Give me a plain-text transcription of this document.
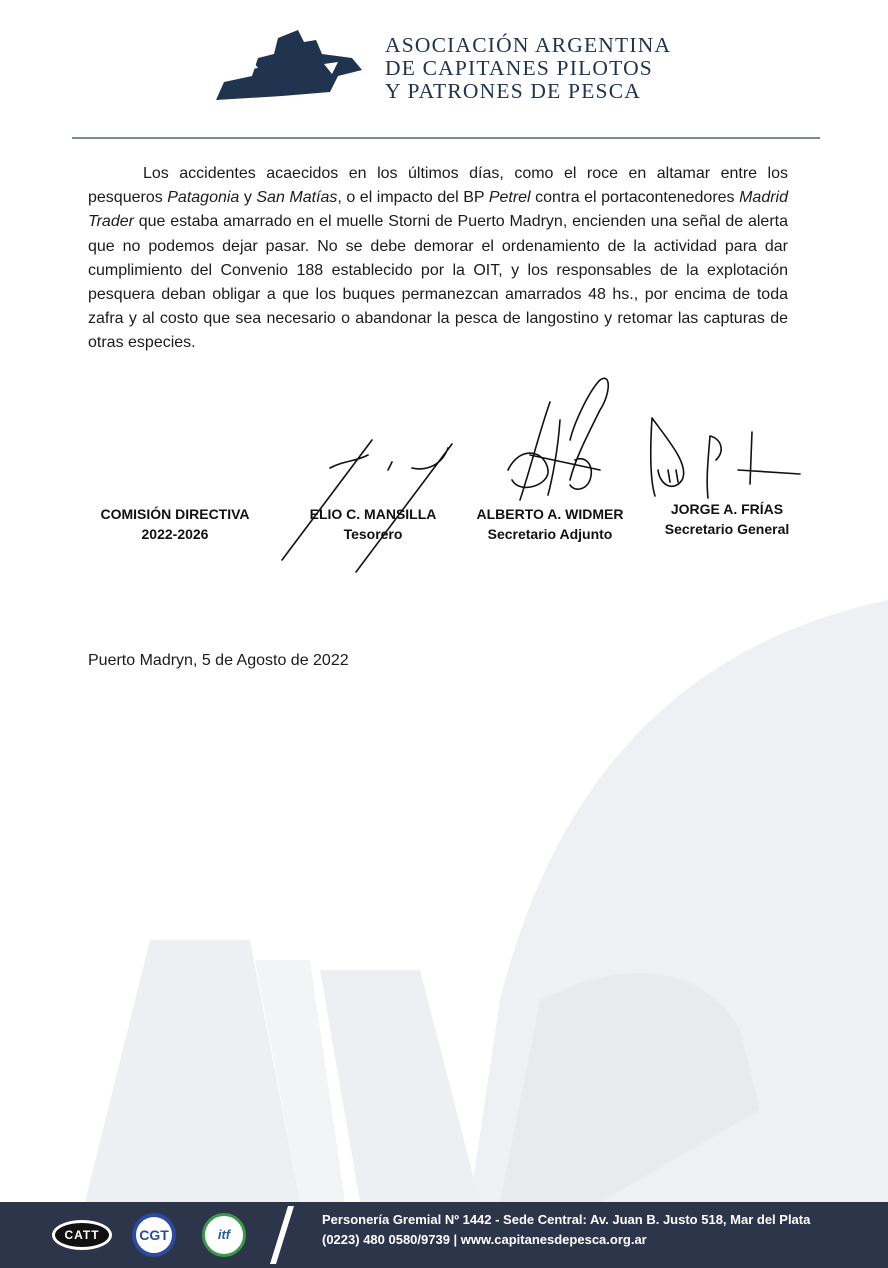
ASOCIACIÓN ARGENTINA
DE CAPITANES PILOTOS
Y PATRONES DE PESCA

Los accidentes acaecidos en los últimos días, como el roce en altamar entre los pesqueros Patagonia y San Matías, o el impacto del BP Petrel contra el portacontenedores Madrid Trader que estaba amarrado en el muelle Storni de Puerto Madryn, encienden una señal de alerta que no podemos dejar pasar. No se debe demorar el ordenamiento de la actividad para dar cumplimiento del Convenio 188 establecido por la OIT, y los responsables de la explotación pesquera deban obligar a que los buques permanezcan amarrados 48 hs., por encima de toda zafra y al costo que sea necesario o abandonar la pesca de langostino y retomar las capturas de otras especies.

COMISIÓN DIRECTIVA
2022-2026
ELIO C. MANSILLA
Tesorero
ALBERTO A. WIDMER
Secretario Adjunto
JORGE A. FRÍAS
Secretario General
Puerto Madryn, 5 de Agosto de 2022
CATT	CGT	itf
Personería Gremial Nº 1442 - Sede Central: Av. Juan B. Justo 518, Mar del Plata
(0223) 480 0580/9739 | www.capitanesdepesca.org.ar
